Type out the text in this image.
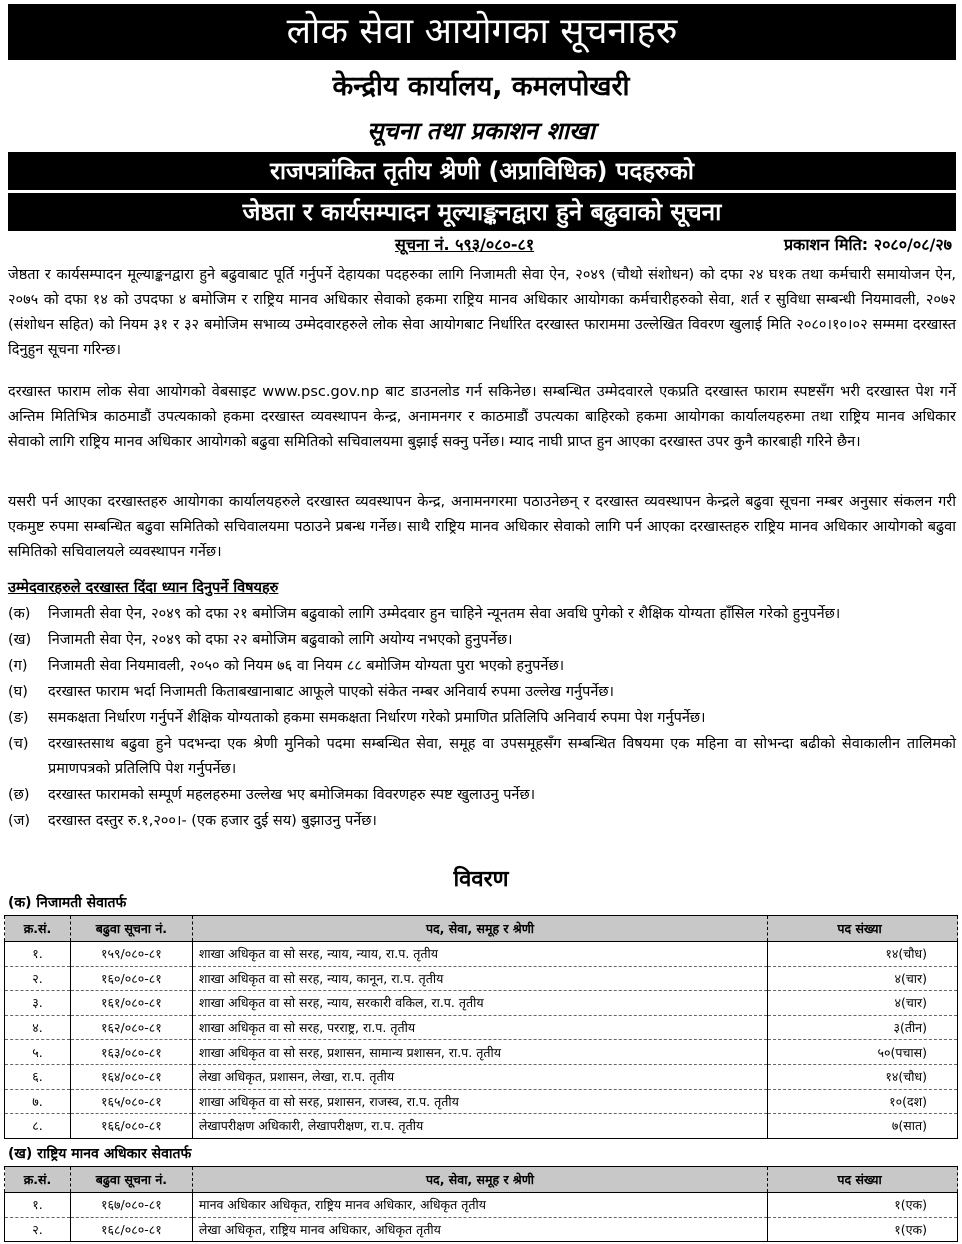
लोक सेवा आयोगका सूचनाहरु
केन्द्रीय कार्यालय, कमलपोखरी
सूचना तथा प्रकाशन शाखा
राजपत्रांकित तृतीय श्रेणी (अप्राविधिक) पदहरुको
जेष्ठता र कार्यसम्पादन मूल्याङ्कनद्वारा हुने बढुवाको सूचना
सूचना नं. ५९३/०८०-८१	प्रकाशन मिति: २०८०/०८/२७

जेष्ठता र कार्यसम्पादन मूल्याङ्कनद्वारा हुने बढुवाबाट पूर्ति गर्नुपर्ने देहायका पदहरुका लागि निजामती सेवा ऐन, २०४९ (चौथो संशोधन) को दफा २४ घ१क तथा कर्मचारी समायोजन ऐन, २०७५ को दफा १४ को उपदफा ४ बमोजिम र राष्ट्रिय मानव अधिकार सेवाको हकमा राष्ट्रिय मानव अधिकार आयोगका कर्मचारीहरुको सेवा, शर्त र सुविधा सम्बन्धी नियमावली, २०७२ (संशोधन सहित) को नियम ३१ र ३२ बमोजिम सभाव्य उम्मेदवारहरुले लोक सेवा आयोगबाट निर्धारित दरखास्त फाराममा उल्लेखित विवरण खुलाई मिति २०८०।१०।०२ सम्ममा दरखास्त दिनुहुन सूचना गरिन्छ।

दरखास्त फाराम लोक सेवा आयोगको वेबसाइट www.psc.gov.np बाट डाउनलोड गर्न सकिनेछ। सम्बन्धित उम्मेदवारले एकप्रति दरखास्त फाराम स्पष्टसँग भरी दरखास्त पेश गर्ने अन्तिम मितिभित्र काठमाडौं उपत्यकाको हकमा दरखास्त व्यवस्थापन केन्द्र, अनामनगर र काठमाडौं उपत्यका बाहिरको हकमा आयोगका कार्यालयहरुमा तथा राष्ट्रिय मानव अधिकार सेवाको लागि राष्ट्रिय मानव अधिकार आयोगको बढुवा समितिको सचिवालयमा बुझाई सक्नु पर्नेछ। म्याद नाघी प्राप्त हुन आएका दरखास्त उपर कुनै कारबाही गरिने छैन।

यसरी पर्न आएका दरखास्तहरु आयोगका कार्यालयहरुले दरखास्त व्यवस्थापन केन्द्र, अनामनगरमा पठाउनेछन् र दरखास्त व्यवस्थापन केन्द्रले बढुवा सूचना नम्बर अनुसार संकलन गरी एकमुष्ट रुपमा सम्बन्धित बढुवा समितिको सचिवालयमा पठाउने प्रबन्ध गर्नेछ। साथै राष्ट्रिय मानव अधिकार सेवाको लागि पर्न आएका दरखास्तहरु राष्ट्रिय मानव अधिकार आयोगको बढुवा समितिको सचिवालयले व्यवस्थापन गर्नेछ।

उम्मेदवारहरुले दरखास्त दिंदा ध्यान दिनुपर्ने विषयहरु
(क)	निजामती सेवा ऐन, २०४९ को दफा २१ बमोजिम बढुवाको लागि उम्मेदवार हुन चाहिने न्यूनतम सेवा अवधि पुगेको र शैक्षिक योग्यता हाँसिल गरेको हुनुपर्नेछ।
(ख)	निजामती सेवा ऐन, २०४९ को दफा २२ बमोजिम बढुवाको लागि अयोग्य नभएको हुनुपर्नेछ।
(ग)	निजामती सेवा नियमावली, २०५० को नियम ७६ वा नियम ८८ बमोजिम योग्यता पुरा भएको हनुपर्नेछ।
(घ)	दरखास्त फाराम भर्दा निजामती किताबखानाबाट आफूले पाएको संकेत नम्बर अनिवार्य रुपमा उल्लेख गर्नुपर्नेछ।
(ङ)	समकक्षता निर्धारण गर्नुपर्ने शैक्षिक योग्यताको हकमा समकक्षता निर्धारण गरेको प्रमाणित प्रतिलिपि अनिवार्य रुपमा पेश गर्नुपर्नेछ।
(च)	दरखास्तसाथ बढुवा हुने पदभन्दा एक श्रेणी मुनिको पदमा सम्बन्धित सेवा, समूह वा उपसमूहसँग सम्बन्धित विषयमा एक महिना वा सोभन्दा बढीको सेवाकालीन तालिमको प्रमाणपत्रको प्रतिलिपि पेश गर्नुपर्नेछ।
(छ)	दरखास्त फारामको सम्पूर्ण महलहरुमा उल्लेख भए बमोजिमका विवरणहरु स्पष्ट खुलाउनु पर्नेछ।
(ज)	दरखास्त दस्तुर रु.१,२००।- (एक हजार दुई सय) बुझाउनु पर्नेछ।
विवरण
(क) निजामती सेवातर्फ
क्र.सं.	बढुवा सूचना नं.	पद, सेवा, समूह र श्रेणी	पद संख्या
१.	१५९/०८०-८१	शाखा अधिकृत वा सो सरह, न्याय, न्याय, रा.प. तृतीय	१४(चौध)
२.	१६०/०८०-८१	शाखा अधिकृत वा सो सरह, न्याय, कानून, रा.प. तृतीय	४(चार)
३.	१६१/०८०-८१	शाखा अधिकृत वा सो सरह, न्याय, सरकारी वकिल, रा.प. तृतीय	४(चार)
४.	१६२/०८०-८१	शाखा अधिकृत वा सो सरह, परराष्ट्र, रा.प. तृतीय	३(तीन)
५.	१६३/०८०-८१	शाखा अधिकृत वा सो सरह, प्रशासन, सामान्य प्रशासन, रा.प. तृतीय	५०(पचास)
६.	१६४/०८०-८१	लेखा अधिकृत, प्रशासन, लेखा, रा.प. तृतीय	१४(चौध)
७.	१६५/०८०-८१	शाखा अधिकृत वा सो सरह, प्रशासन, राजस्व, रा.प. तृतीय	१०(दश)
८.	१६६/०८०-८१	लेखापरीक्षण अधिकारी, लेखापरीक्षण, रा.प. तृतीय	७(सात)
(ख) राष्ट्रिय मानव अधिकार सेवातर्फ
क्र.सं.	बढुवा सूचना नं.	पद, सेवा, समूह र श्रेणी	पद संख्या
१.	१६७/०८०-८१	मानव अधिकार अधिकृत, राष्ट्रिय मानव अधिकार, अधिकृत तृतीय	१(एक)
२.	१६८/०८०-८१	लेखा अधिकृत, राष्ट्रिय मानव अधिकार, अधिकृत तृतीय	१(एक)
